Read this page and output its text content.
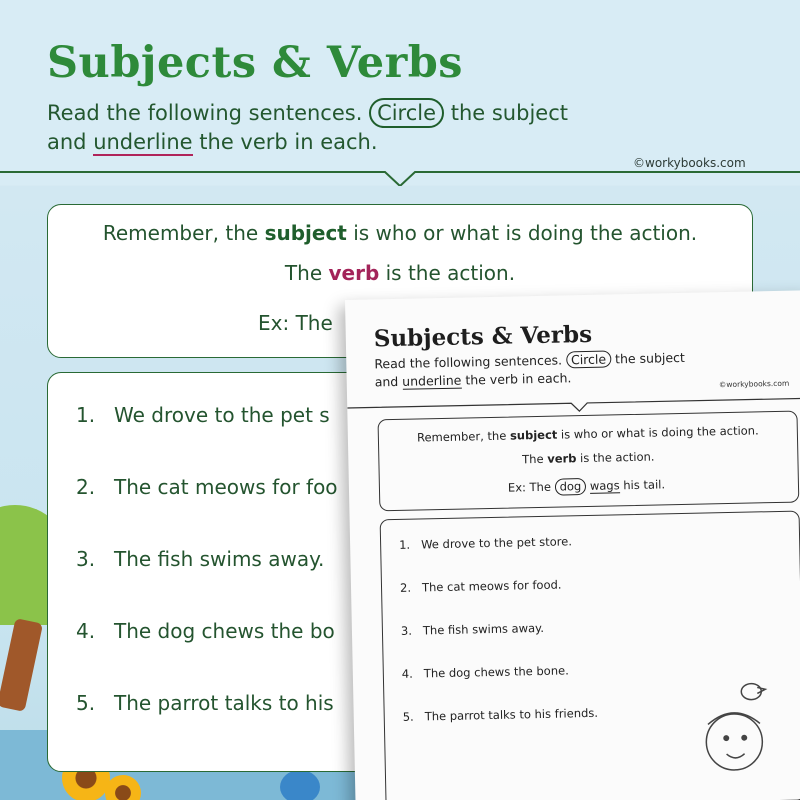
Subjects & Verbs
Read the following sentences. Circle the subject
and underline the verb in each.
©workybooks.com

Remember, the subject is who or what is doing the action.

The verb is the action.

Ex: The
1. We drove to the pet s
2. The cat meows for foo
3. The fish swims away.
4. The dog chews the bo
5. The parrot talks to his
Subjects & Verbs
Read the following sentences. Circle the subject
and underline the verb in each.	©workybooks.com

Remember, the subject is who or what is doing the action.

The verb is the action.

Ex: The dog wags his tail.
1. We drove to the pet store.
2. The cat meows for food.
3. The fish swims away.
4. The dog chews the bone.
5. The parrot talks to his friends.
